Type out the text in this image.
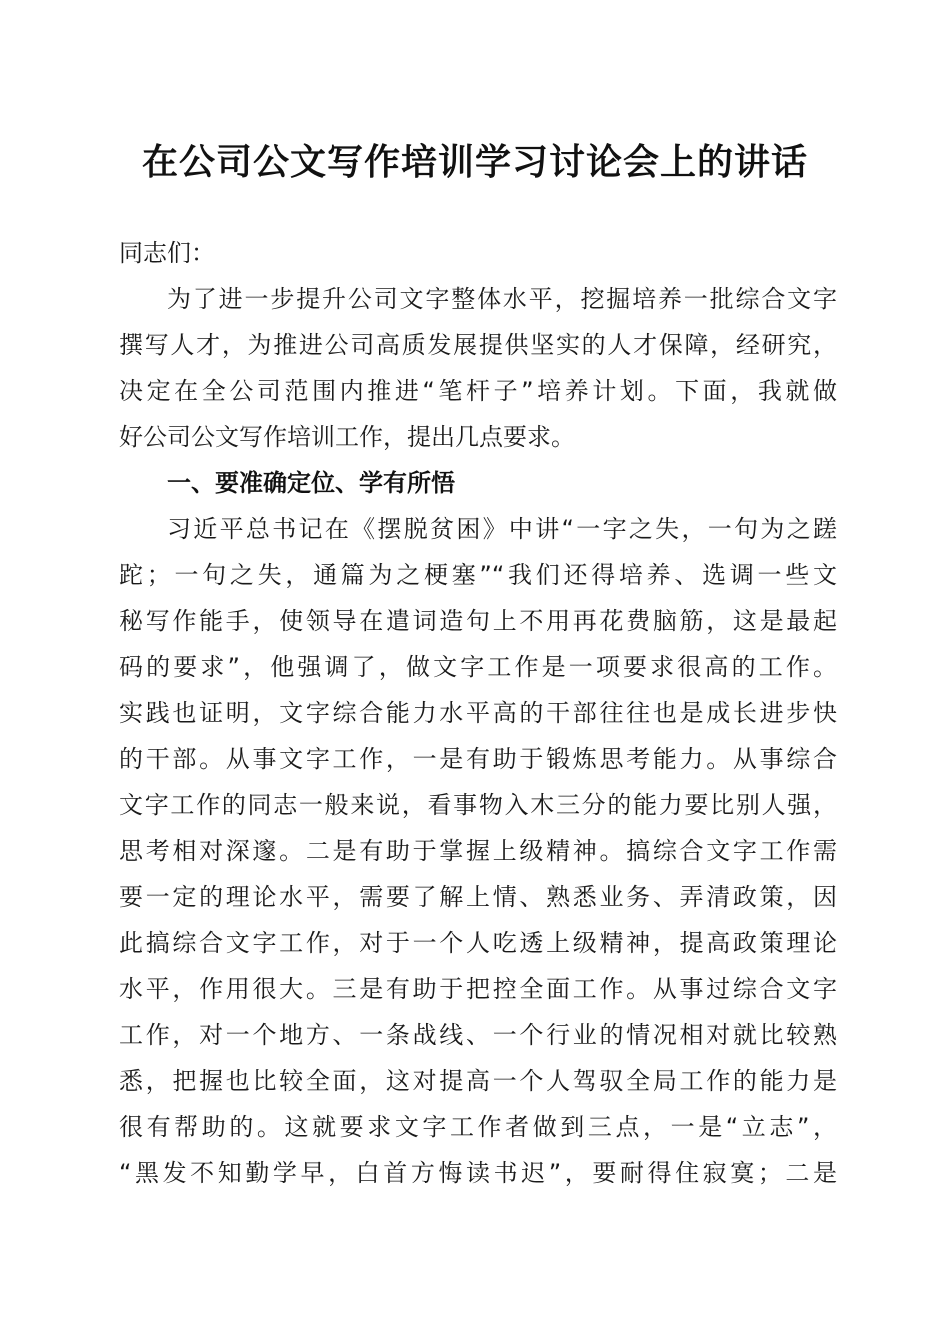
在公司公文写作培训学习讨论会上的讲话
同志们：
为了进一步提升公司文字整体水平，挖掘培养一批综合文字
撰写人才，为推进公司高质发展提供坚实的人才保障，经研究，
决定在全公司范围内推进“笔杆子”培养计划。下面，我就做
好公司公文写作培训工作，提出几点要求。
一、要准确定位、学有所悟
习近平总书记在《摆脱贫困》中讲“一字之失，一句为之蹉
跎；一句之失，通篇为之梗塞”“我们还得培养、选调一些文
秘写作能手，使领导在遣词造句上不用再花费脑筋，这是最起
码的要求”，他强调了，做文字工作是一项要求很高的工作。
实践也证明，文字综合能力水平高的干部往往也是成长进步快
的干部。从事文字工作，一是有助于锻炼思考能力。从事综合
文字工作的同志一般来说，看事物入木三分的能力要比别人强，
思考相对深邃。二是有助于掌握上级精神。搞综合文字工作需
要一定的理论水平，需要了解上情、熟悉业务、弄清政策，因
此搞综合文字工作，对于一个人吃透上级精神，提高政策理论
水平，作用很大。三是有助于把控全面工作。从事过综合文字
工作，对一个地方、一条战线、一个行业的情况相对就比较熟
悉，把握也比较全面，这对提高一个人驾驭全局工作的能力是
很有帮助的。这就要求文字工作者做到三点，一是“立志”，
“黑发不知勤学早，白首方悔读书迟”，要耐得住寂寞；二是
